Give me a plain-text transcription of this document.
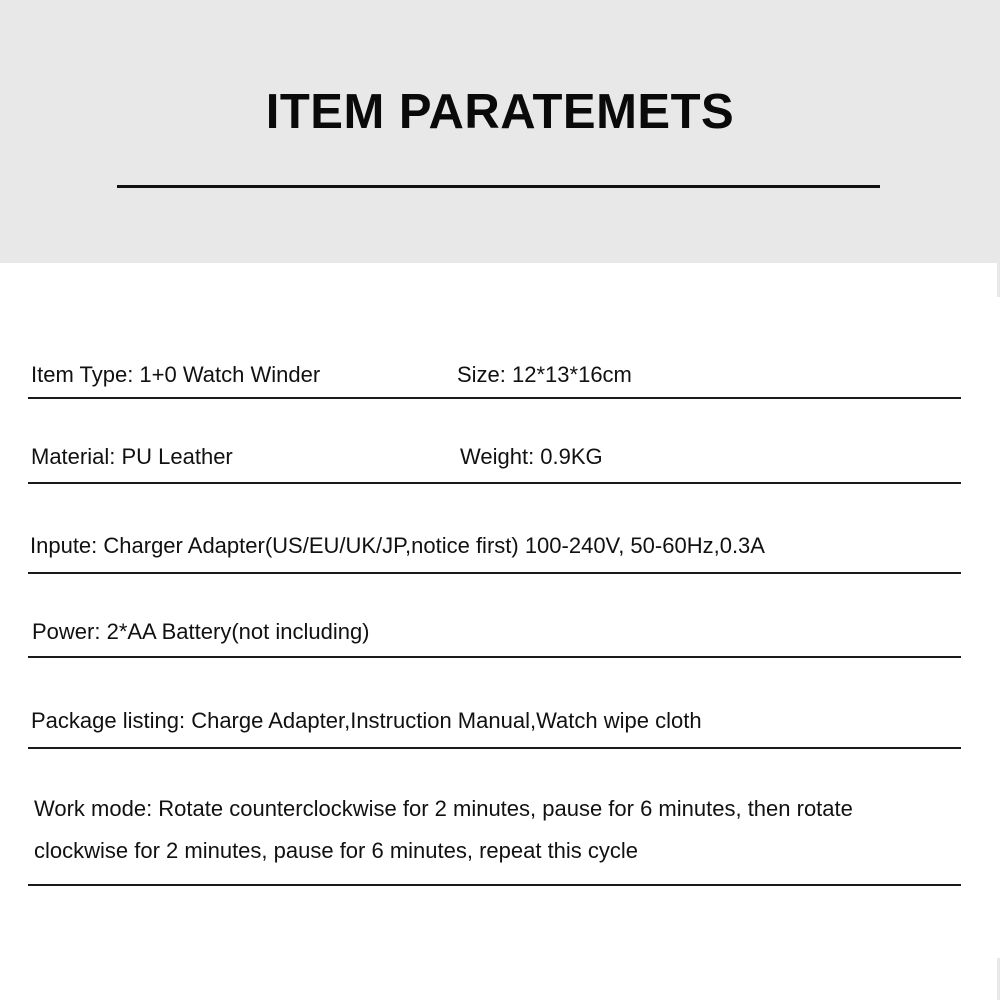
ITEM PARATEMETS

Item Type: 1+0 Watch Winder	Size: 12*13*16cm

Material: PU Leather	Weight: 0.9KG

Inpute: Charger Adapter(US/EU/UK/JP,notice first) 100-240V, 50-60Hz,0.3A

Power: 2*AA Battery(not including)

Package listing: Charge Adapter,Instruction Manual,Watch wipe cloth

Work mode: Rotate counterclockwise for 2 minutes, pause for 6 minutes, then rotate

clockwise for 2 minutes, pause for 6 minutes, repeat this cycle
